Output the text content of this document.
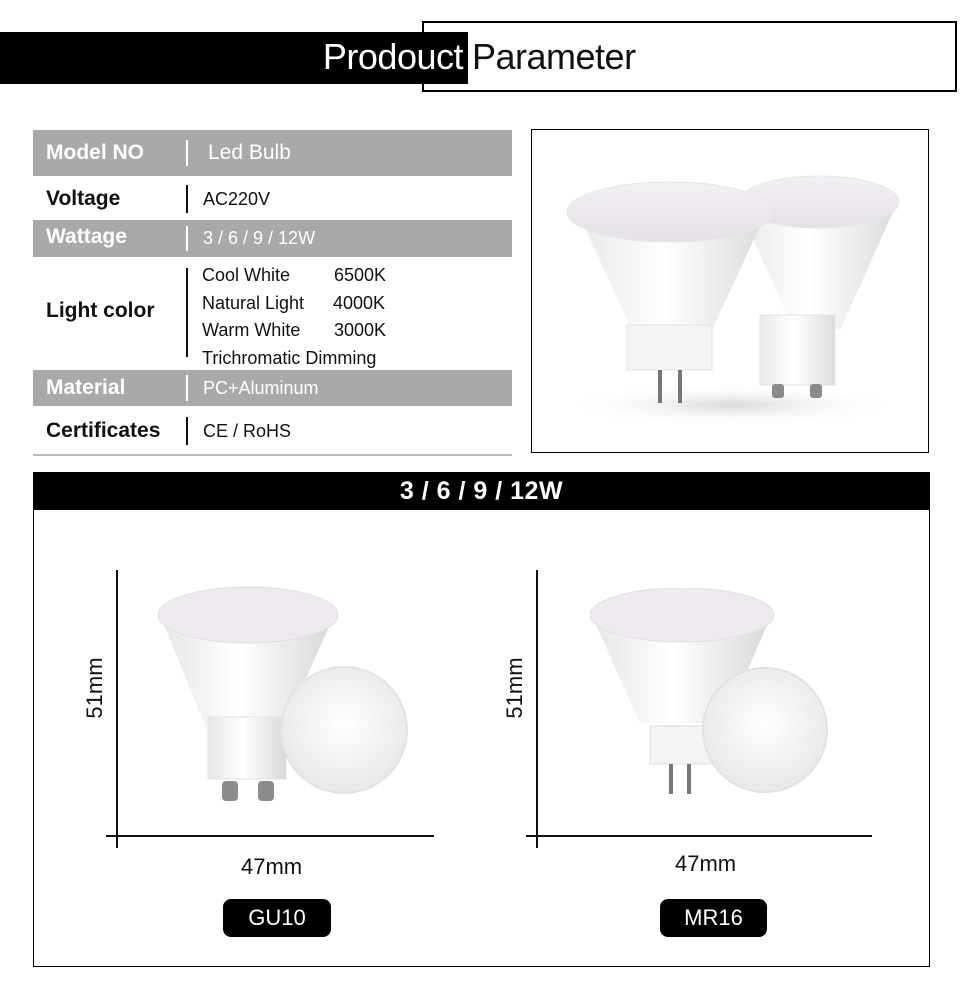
Prodouct Parameter
Model NO	Led Bulb
Voltage	AC220V
Wattage	3 / 6 / 9 / 12W
Light color
Cool White	6500K
Natural Light	4000K
Warm White	3000K
Trichromatic Dimming
Material	PC+Aluminum
Certificates CE / RoHS
3 / 6 / 9 / 12W
51mm
47mm
GU10
51mm
47mm
MR16
